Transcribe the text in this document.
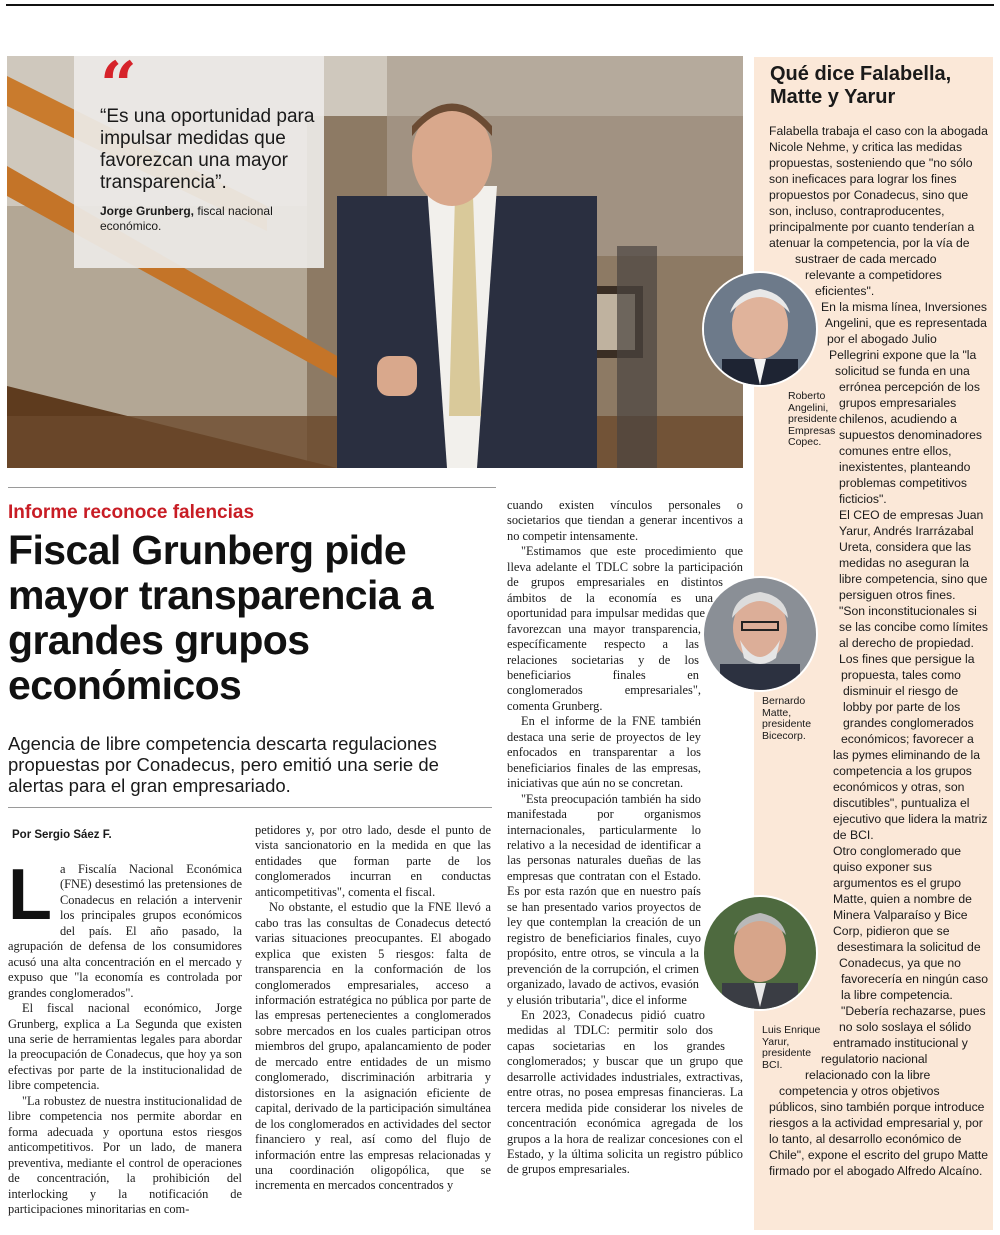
“
“Es una oportunidad para impulsar medidas que favorezcan una mayor transparencia”.
Jorge Grunberg, fiscal nacional económico.
Qué dice Falabella, Matte y Yarur

Falabella trabaja el caso con la abogada Nicole Nehme, y critica las medidas propuestas, sosteniendo que "no sólo son ineficaces para lograr los fines propuestos por Conadecus, sino que son, incluso, contraproducentes, principalmente por cuanto tenderían a atenuar la competencia, por la vía de sustraer de cada mercado relevante a competidores eficientes".

En la misma línea, Inversiones Angelini, que es representada por el abogado Julio Pellegrini expone que la "la solicitud se funda en una errónea percepción de los grupos empresariales chilenos, acudiendo a supuestos denominadores comunes entre ellos, inexistentes, planteando problemas competitivos ficticios".

El CEO de empresas Juan Yarur, Andrés Irarrázabal Ureta, considera que las medidas no aseguran la libre competencia, sino que persiguen otros fines.

"Son inconstitucionales si se las concibe como límites al derecho de propiedad. Los fines que persigue la propuesta, tales como disminuir el riesgo de lobby por parte de los grandes conglomerados económicos; favorecer a las pymes eliminando de la competencia a los grupos económicos y otras, son discutibles", puntualiza el ejecutivo que lidera la matriz de BCI.

Otro conglomerado que quiso exponer sus argumentos es el grupo Matte, quien a nombre de Minera Valparaíso y Bice Corp, pidieron que se desestimara la solicitud de Conadecus, ya que no favorecería en ningún caso la libre competencia.

"Debería rechazarse, pues no solo soslaya el sólido entramado institucional y regulatorio nacional relacionado con la libre competencia y otros objetivos públicos, sino también porque introduce riesgos a la actividad empresarial y, por lo tanto, al desarrollo económico de Chile", expone el escrito del grupo Matte firmado por el abogado Alfredo Alcaíno.

Roberto
Angelini,
presidente
Empresas
Copec.
Bernardo
Matte,
presidente
Bicecorp.
Luis Enrique
Yarur,
presidente
BCI.
Informe reconoce falencias
Fiscal Grunberg pide mayor transparencia a grandes grupos económicos
Agencia de libre competencia descarta regulaciones propuestas por Conadecus, pero emitió una serie de alertas para el gran empresariado.
Por Sergio Sáez F.

La Fiscalía Nacional Económica (FNE) desestimó las pretensiones de Conadecus en relación a intervenir los principales grupos económicos del país. El año pasado, la agrupación de defensa de los consumidores acusó una alta concentración en el mercado y expuso que "la economía es controlada por grandes conglomerados".

El fiscal nacional económico, Jorge Grunberg, explica a La Segunda que existen una serie de herramientas legales para abordar la preocupación de Conadecus, que hoy ya son efectivas por parte de la institucionalidad de libre competencia.

"La robustez de nuestra institucionalidad de libre competencia nos permite abordar en forma adecuada y oportuna estos riesgos anticompetitivos. Por un lado, de manera preventiva, mediante el control de operaciones de concentración, la prohibición del interlocking y la notificación de participaciones minoritarias en com-

petidores y, por otro lado, desde el punto de vista sancionatorio en la medida en que las entidades que forman parte de los conglomerados incurran en conductas anticompetitivas", comenta el fiscal.

No obstante, el estudio que la FNE llevó a cabo tras las consultas de Conadecus detectó varias situaciones preocupantes. El abogado explica que existen 5 riesgos: falta de transparencia en la conformación de los conglomerados empresariales, acceso a información estratégica no pública por parte de las empresas pertenecientes a conglomerados sobre mercados en los cuales participan otros miembros del grupo, apalancamiento de poder de mercado entre entidades de un mismo conglomerado, discriminación arbitraria y distorsiones en la asignación eficiente de capital, derivado de la participación simultánea de los conglomerados en actividades del sector financiero y real, así como del flujo de información entre las empresas relacionadas y una coordinación oligopólica, que se incrementa en mercados concentrados y

cuando existen vínculos personales o societarios que tiendan a generar incentivos a no competir intensamente.

"Estimamos que este procedimiento que lleva adelante el TDLC sobre la participación de grupos empresariales en distintos ámbitos de la economía es una oportunidad para impulsar medidas que favorezcan una mayor transparencia, específicamente respecto a las relaciones societarias y de los beneficiarios finales en conglomerados empresariales", comenta Grunberg.

En el informe de la FNE también destaca una serie de proyectos de ley enfocados en transparentar a los beneficiarios finales de las empresas, iniciativas que aún no se concretan.

"Esta preocupación también ha sido manifestada por organismos internacionales, particularmente lo relativo a la necesidad de identificar a las personas naturales dueñas de las empresas que contratan con el Estado. Es por esta razón que en nuestro país se han presentado varios proyectos de ley que contemplan la creación de un registro de beneficiarios finales, cuyo propósito, entre otros, se vincula a la prevención de la corrupción, el crimen organizado, lavado de activos, evasión y elusión tributaria", dice el informe

En 2023, Conadecus pidió cuatro medidas al TDLC: permitir solo dos capas societarias en los grandes conglomerados; y buscar que un grupo que desarrolle actividades industriales, extractivas, entre otras, no posea empresas financieras. La tercera medida pide considerar los niveles de concentración económica agregada de los grupos a la hora de realizar concesiones con el Estado, y la última solicita un registro público de grupos empresariales.
